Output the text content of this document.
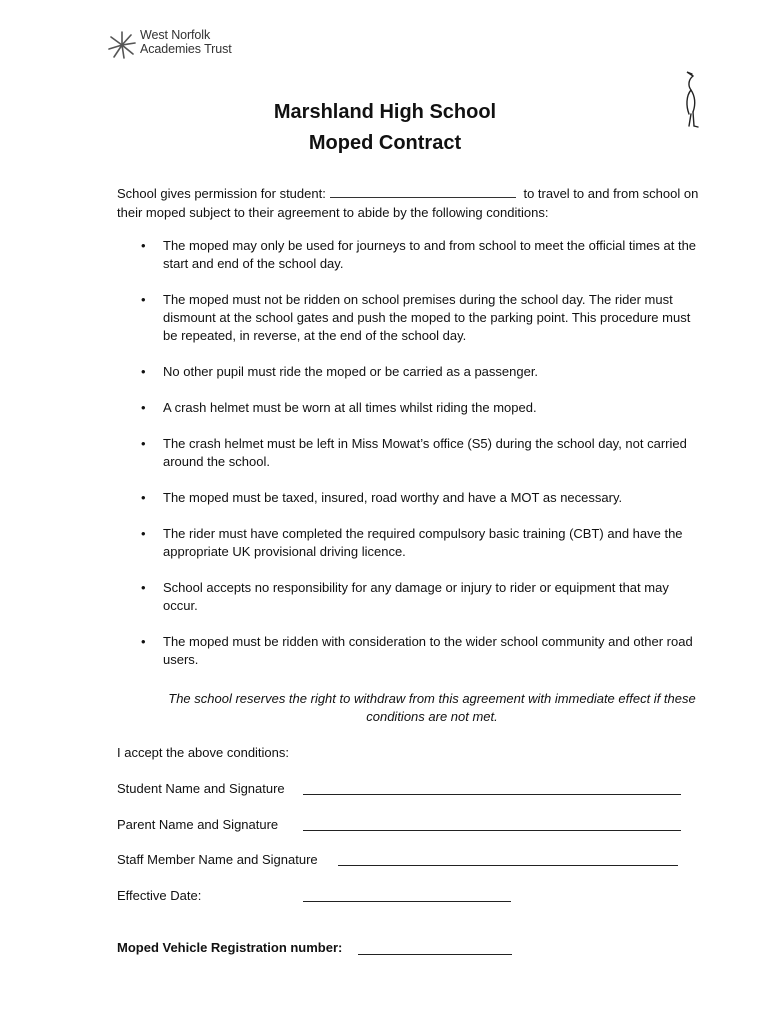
West Norfolk
Academies Trust
Marshland High School
Moped Contract
School gives permission for student:	to travel to and from school on their moped subject to their agreement to abide by the following conditions:
• The moped may only be used for journeys to and from school to meet the official times at the start and end of the school day.
• The moped must not be ridden on school premises during the school day. The rider must dismount at the school gates and push the moped to the parking point. This procedure must be repeated, in reverse, at the end of the school day.
• No other pupil must ride the moped or be carried as a passenger.
• A crash helmet must be worn at all times whilst riding the moped.
• The crash helmet must be left in Miss Mowat’s office (S5) during the school day, not carried around the school.
• The moped must be taxed, insured, road worthy and have a MOT as necessary.
• The rider must have completed the required compulsory basic training (CBT) and have the appropriate UK provisional driving licence.
• School accepts no responsibility for any damage or injury to rider or equipment that may occur.
• The moped must be ridden with consideration to the wider school community and other road users.
The school reserves the right to withdraw from this agreement with immediate effect if these conditions are not met.
I accept the above conditions:
Student Name and Signature
Parent Name and Signature
Staff Member Name and Signature
Effective Date:
Moped Vehicle Registration number:
